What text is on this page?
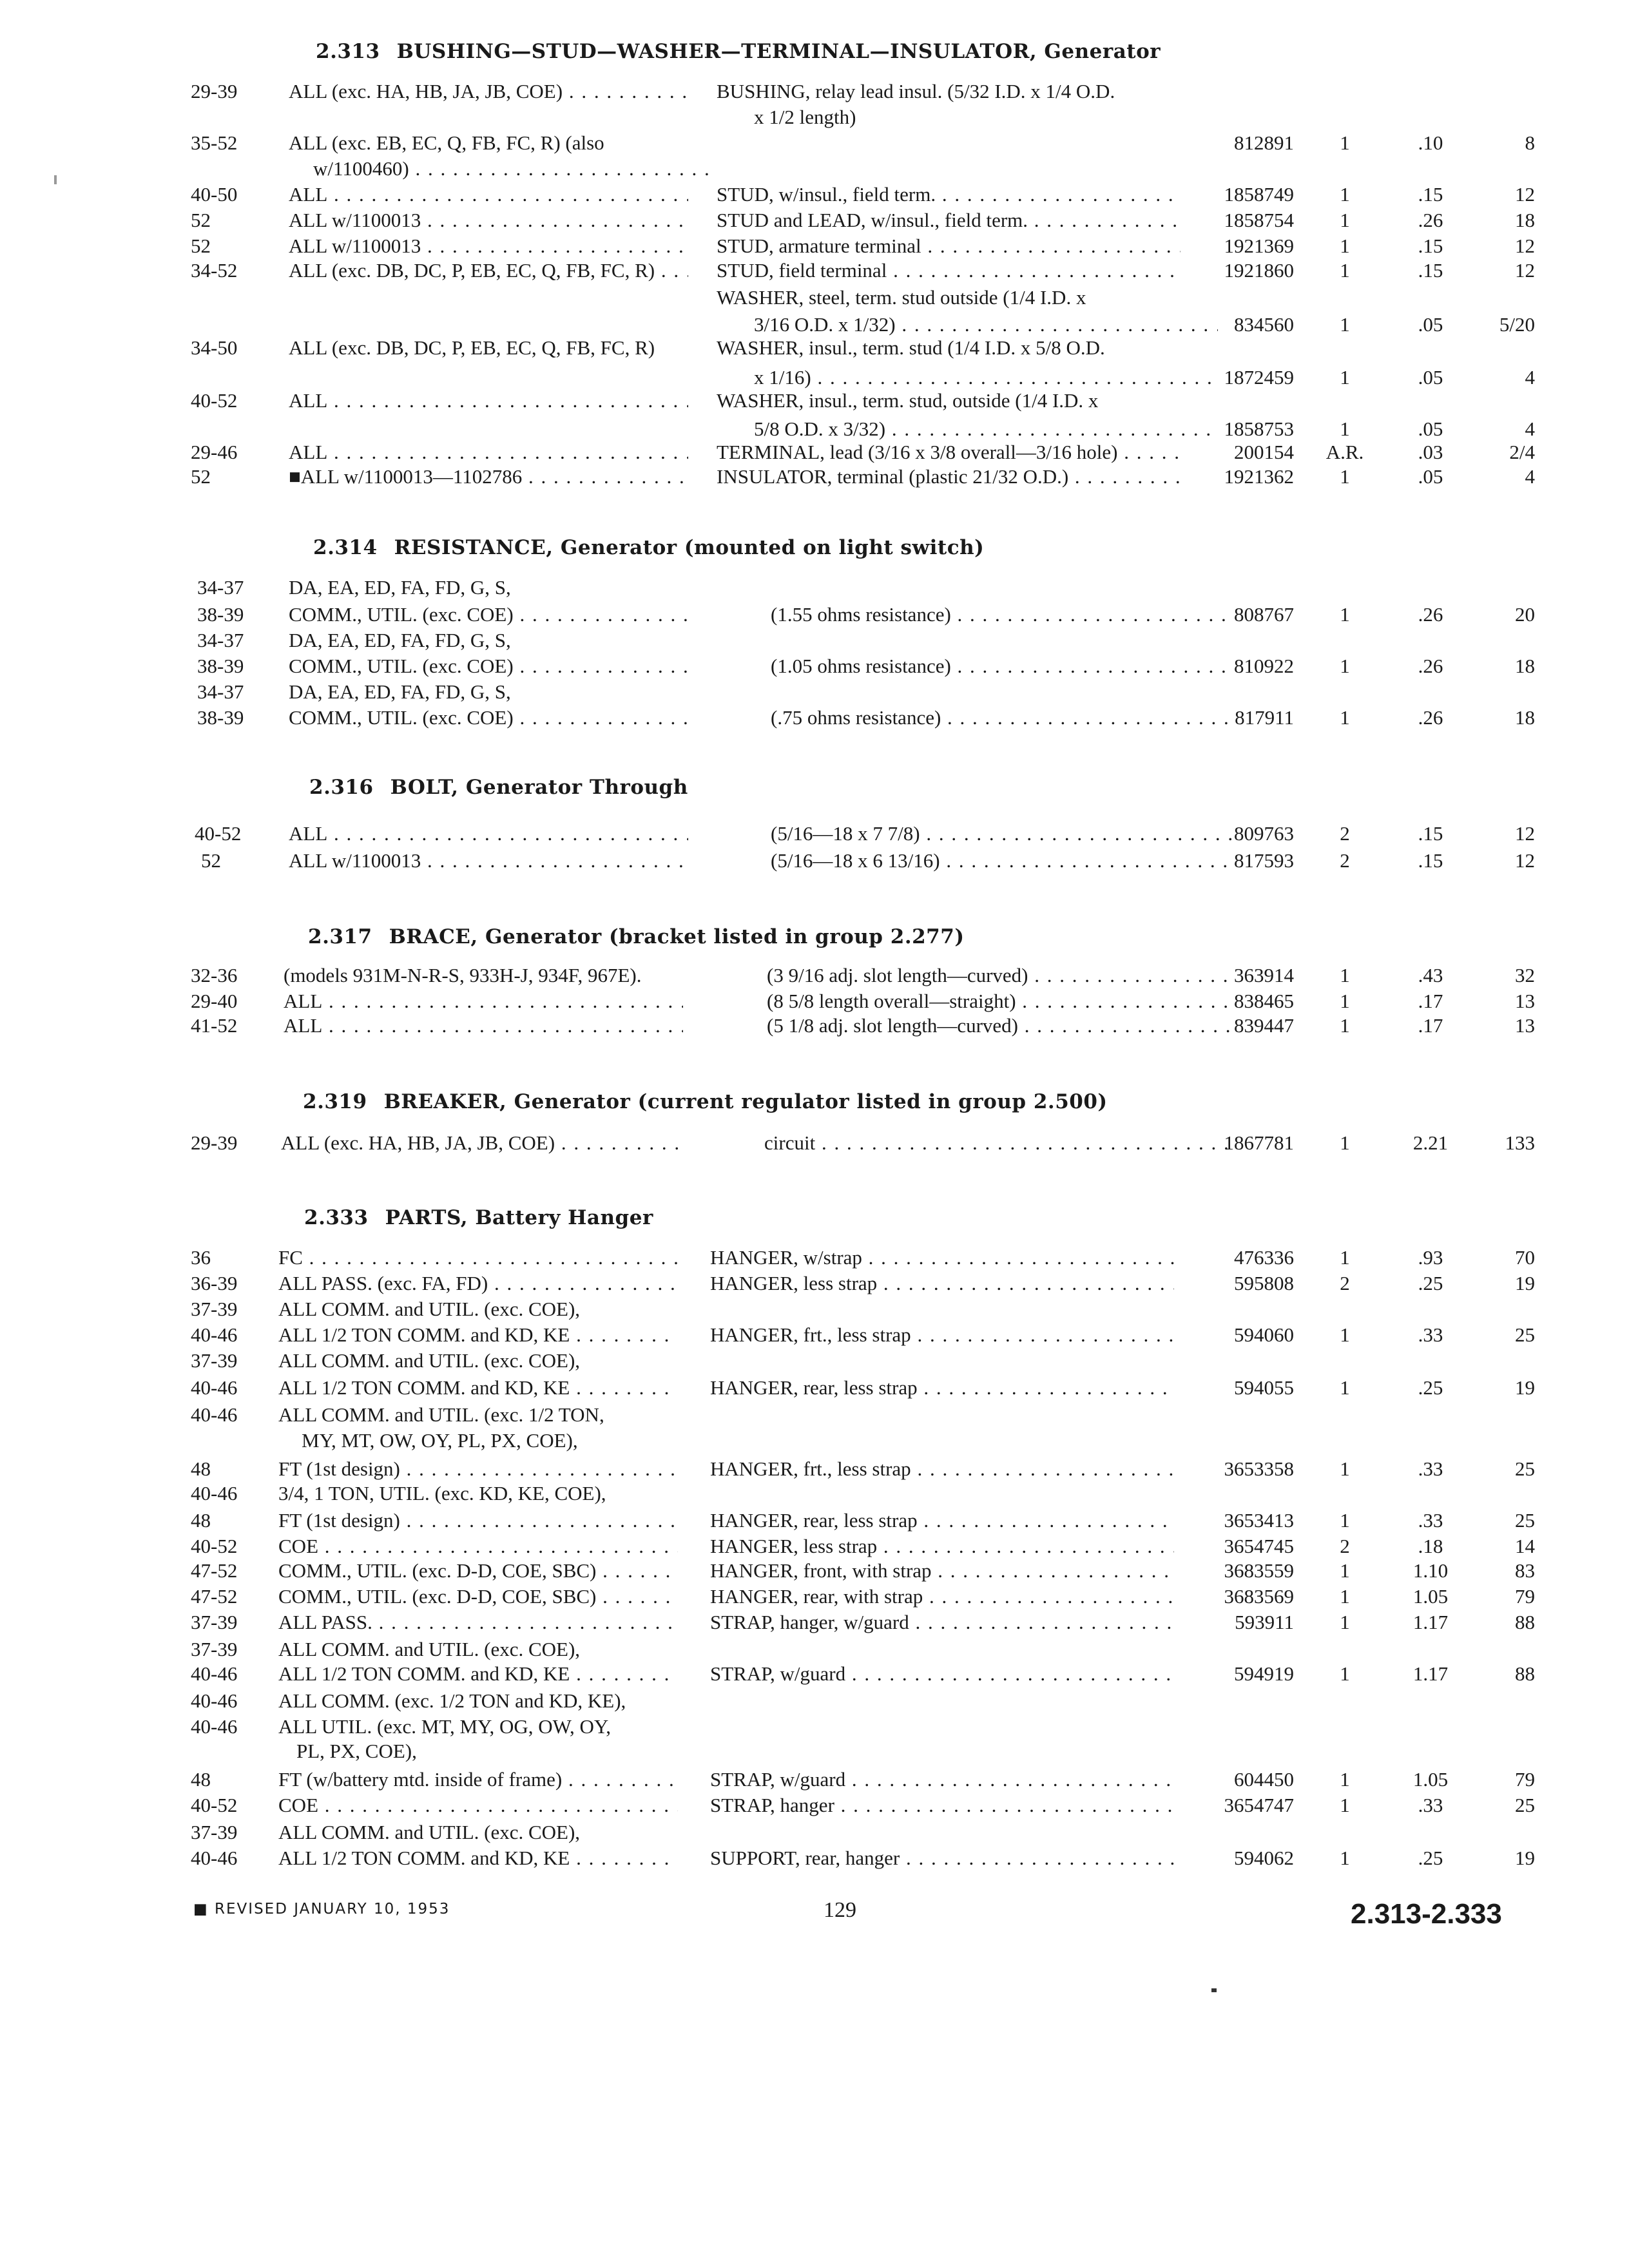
2.313 BUSHING—STUD—WASHER—TERMINAL—INSULATOR, Generator
29-39	ALL (exc. HA, HB, JA, JB, COE) . . .	BUSHING, relay lead insul. (5/32 I.D. x 1/4 O.D.
x 1/2 length)
35-52	ALL (exc. EB, EC, Q, FB, FC, R) (also	812891	1	.10	8
w/1100460) . . .
40-50	ALL . . .	STUD, w/insul., field term. . . .	1858749	1	.15	12
52	ALL w/1100013 . . .	STUD and LEAD, w/insul., field term. . . .	1858754	1	.26	18
52	ALL w/1100013 . . .	STUD, armature terminal . . .	1921369	1	.15	12
34-52	ALL (exc. DB, DC, P, EB, EC, Q, FB, FC, R) . . .	STUD, field terminal . . .	1921860	1	.15	12
WASHER, steel, term. stud outside (1/4 I.D. x
3/16 O.D. x 1/32) . . .	834560	1	.05	5/20
34-50	ALL (exc. DB, DC, P, EB, EC, Q, FB, FC, R)	WASHER, insul., term. stud (1/4 I.D. x 5/8 O.D.
x 1/16) . . .	1872459	1	.05	4
40-52	ALL . . .	WASHER, insul., term. stud, outside (1/4 I.D. x
5/8 O.D. x 3/32) . . .	1858753	1	.05	4
29-46	ALL . . .	TERMINAL, lead (3/16 x 3/8 overall—3/16 hole) . . .	200154 A.R.	.03	2/4
52	■ALL w/1100013—1102786 . . .	INSULATOR, terminal (plastic 21/32 O.D.) . . .	1921362	1	.05	4
2.314 RESISTANCE, Generator (mounted on light switch)
34-37 DA, EA, ED, FA, FD, G, S,
38-39 COMM., UTIL. (exc. COE) . . .	(1.55 ohms resistance) . . .	808767	1	.26	20
34-37 DA, EA, ED, FA, FD, G, S,
38-39 COMM., UTIL. (exc. COE) . . .	(1.05 ohms resistance) . . .	810922	1	.26	18
34-37 DA, EA, ED, FA, FD, G, S,
38-39 COMM., UTIL. (exc. COE) . . .	(.75 ohms resistance) . . .	817911	1	.26	18
2.316 BOLT, Generator Through
40-52 ALL . . .	(5/16—18 x 7 7/8) . . .	809763	2	.15	12
52	ALL w/1100013 . . .	(5/16—18 x 6 13/16) . . .	817593	2	.15	12
2.317 BRACE, Generator (bracket listed in group 2.277)
32-36 (models 931M-N-R-S, 933H-J, 934F, 967E).	(3 9/16 adj. slot length—curved) . . .	363914	1	.43	32
29-40 ALL . . .	(8 5/8 length overall—straight) . . .	838465	1	.17	13
41-52 ALL . . .	(5 1/8 adj. slot length—curved) . . .	839447	1	.17	13
2.319 BREAKER, Generator (current regulator listed in group 2.500)
29-39 ALL (exc. HA, HB, JA, JB, COE) . . .	circuit . . .	1867781	1	2.21	133
2.333 PARTS, Battery Hanger
36	FC . . .	HANGER, w/strap . . .	476336	1	.93	70
36-39 ALL PASS. (exc. FA, FD) . . .	HANGER, less strap . . .	595808	2	.25	19
37-39 ALL COMM. and UTIL. (exc. COE),
40-46 ALL 1/2 TON COMM. and KD, KE . . .	HANGER, frt., less strap . . .	594060	1	.33	25
37-39 ALL COMM. and UTIL. (exc. COE),
40-46 ALL 1/2 TON COMM. and KD, KE . . .	HANGER, rear, less strap . . .	594055	1	.25	19
40-46 ALL COMM. and UTIL. (exc. 1/2 TON,
MY, MT, OW, OY, PL, PX, COE),
48	FT (1st design) . . .	HANGER, frt., less strap . . .	3653358	1	.33	25
40-46 3/4, 1 TON, UTIL. (exc. KD, KE, COE),
48	FT (1st design) . . .	HANGER, rear, less strap . . .	3653413	1	.33	25
40-52 COE . . .	HANGER, less strap . . .	3654745	2	.18	14
47-52 COMM., UTIL. (exc. D-D, COE, SBC) . . .	HANGER, front, with strap . . .	3683559	1	1.10	83
47-52 COMM., UTIL. (exc. D-D, COE, SBC) . . .	HANGER, rear, with strap . . .	3683569	1	1.05	79
37-39 ALL PASS. . . .	STRAP, hanger, w/guard . . .	593911	1	1.17	88
37-39 ALL COMM. and UTIL. (exc. COE),
40-46 ALL 1/2 TON COMM. and KD, KE . . .	STRAP, w/guard . . .	594919	1	1.17	88
40-46 ALL COMM. (exc. 1/2 TON and KD, KE),
40-46 ALL UTIL. (exc. MT, MY, OG, OW, OY,
PL, PX, COE),
48	FT (w/battery mtd. inside of frame) . . .	STRAP, w/guard . . .	604450	1	1.05	79
40-52 COE . . .	STRAP, hanger . . .	3654747	1	.33	25
37-39 ALL COMM. and UTIL. (exc. COE),
40-46 ALL 1/2 TON COMM. and KD, KE . . .	SUPPORT, rear, hanger . . .	594062	1	.25	19
■ REVISED JANUARY 10, 1953	129	2.313-2.333
